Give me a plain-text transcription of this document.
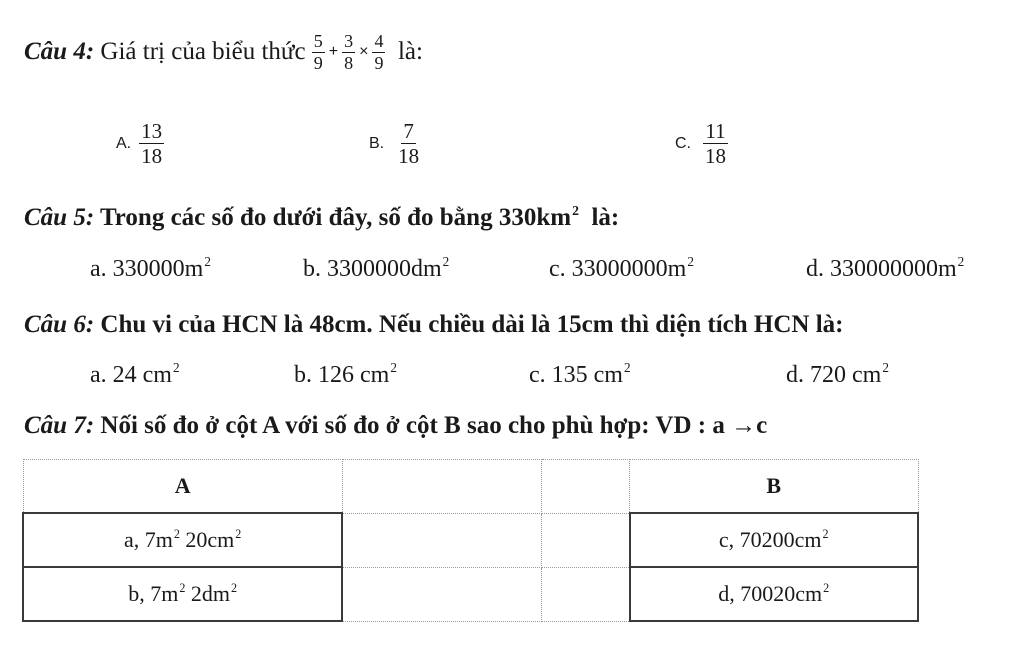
Câu 4:
Giá trị của biểu thức
$\frac{5}{9} + \frac{3}{8} \times \frac{4}{9}$
là:
A.
$\frac{13}{18}$	B.
$\frac{7}{18}$	C.
$\frac{11}{18}$
Câu 5: Trong các số đo dưới đây, số đo bằng $330km^2$ là:
a. $330000m^2$	b. $3300000dm^2$	c. $33000000m^2$	d. $330000000m^2$
Câu 6: Chu vi của HCN là 48cm. Nếu chiều dài là 15cm thì diện tích HCN là:
a. 24 $cm^2$	b. 126 $cm^2$	c. 135 $cm^2$	d. 720 $cm^2$
Câu 7: Nối số đo ở cột A với số đo ở cột B sao cho phù hợp: VD : a →c
A			B
a, $7m^2$ $20cm^2$			c, $70200cm^2$
b, $7m^2$ $2dm^2$			d, $70020cm^2$
